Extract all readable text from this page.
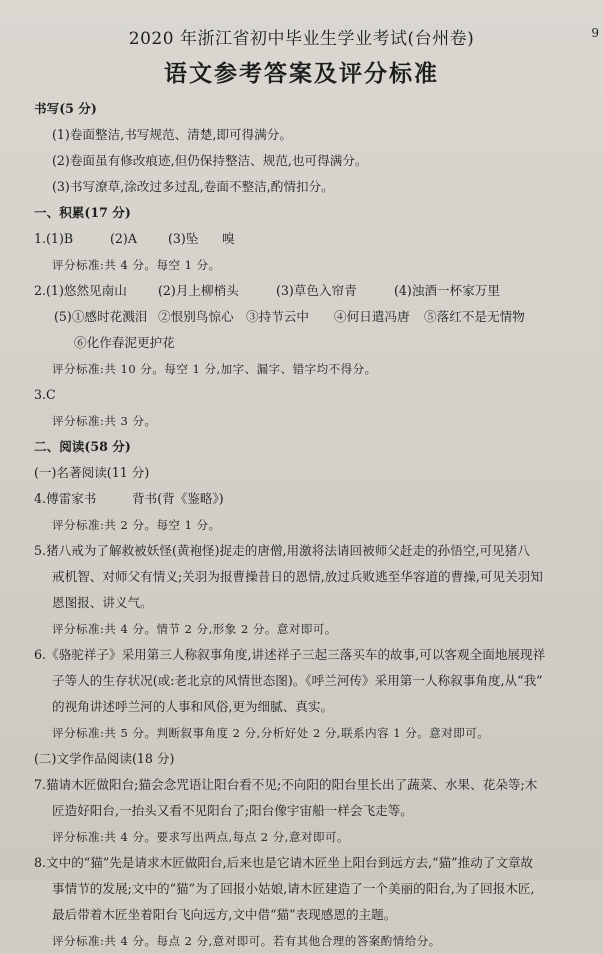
9
2020 年浙江省初中毕业生学业考试(台州卷)
语文参考答案及评分标准
书写(5 分)
(1)卷面整洁,书写规范、清楚,即可得满分。
(2)卷面虽有修改痕迹,但仍保持整洁、规范,也可得满分。
(3)书写潦草,涂改过多过乱,卷面不整洁,酌情扣分。
一、积累(17 分)
1.(1)B	(2)A (3)坠 嗅
评分标准:共 4 分。每空 1 分。
2.(1)悠然见南山 (2)月上柳梢头	(3)草色入帘青	(4)浊酒一杯家万里
(5)①感时花溅泪 ②恨别鸟惊心 ③持节云中 ④何日遣冯唐 ⑤落红不是无情物
⑥化作春泥更护花
评分标准:共 10 分。每空 1 分,加字、漏字、错字均不得分。
3.C
评分标准:共 3 分。
二、阅读(58 分)
(一)名著阅读(11 分)
4.傅雷家书	背书(背《鉴略》)
评分标准:共 2 分。每空 1 分。
5.猪八戒为了解救被妖怪(黄袍怪)捉走的唐僧,用激将法请回被师父赶走的孙悟空,可见猪八
戒机智、对师父有情义;关羽为报曹操昔日的恩情,放过兵败逃至华容道的曹操,可见关羽知
恩图报、讲义气。
评分标准:共 4 分。情节 2 分,形象 2 分。意对即可。
6.《骆驼祥子》采用第三人称叙事角度,讲述祥子三起三落买车的故事,可以客观全面地展现祥
子等人的生存状况(或:老北京的风情世态图)。《呼兰河传》采用第一人称叙事角度,从“我”
的视角讲述呼兰河的人事和风俗,更为细腻、真实。
评分标准:共 5 分。判断叙事角度 2 分,分析好处 2 分,联系内容 1 分。意对即可。
(二)文学作品阅读(18 分)
7.猫请木匠做阳台;猫会念咒语让阳台看不见;不向阳的阳台里长出了蔬菜、水果、花朵等;木
匠造好阳台,一抬头又看不见阳台了;阳台像宇宙船一样会飞走等。
评分标准:共 4 分。要求写出两点,每点 2 分,意对即可。
8.文中的“猫”先是请求木匠做阳台,后来也是它请木匠坐上阳台到远方去,“猫”推动了文章故
事情节的发展;文中的“猫”为了回报小姑娘,请木匠建造了一个美丽的阳台,为了回报木匠,
最后带着木匠坐着阳台飞向远方,文中借“猫”表现感恩的主题。
评分标准:共 4 分。每点 2 分,意对即可。若有其他合理的答案酌情给分。
